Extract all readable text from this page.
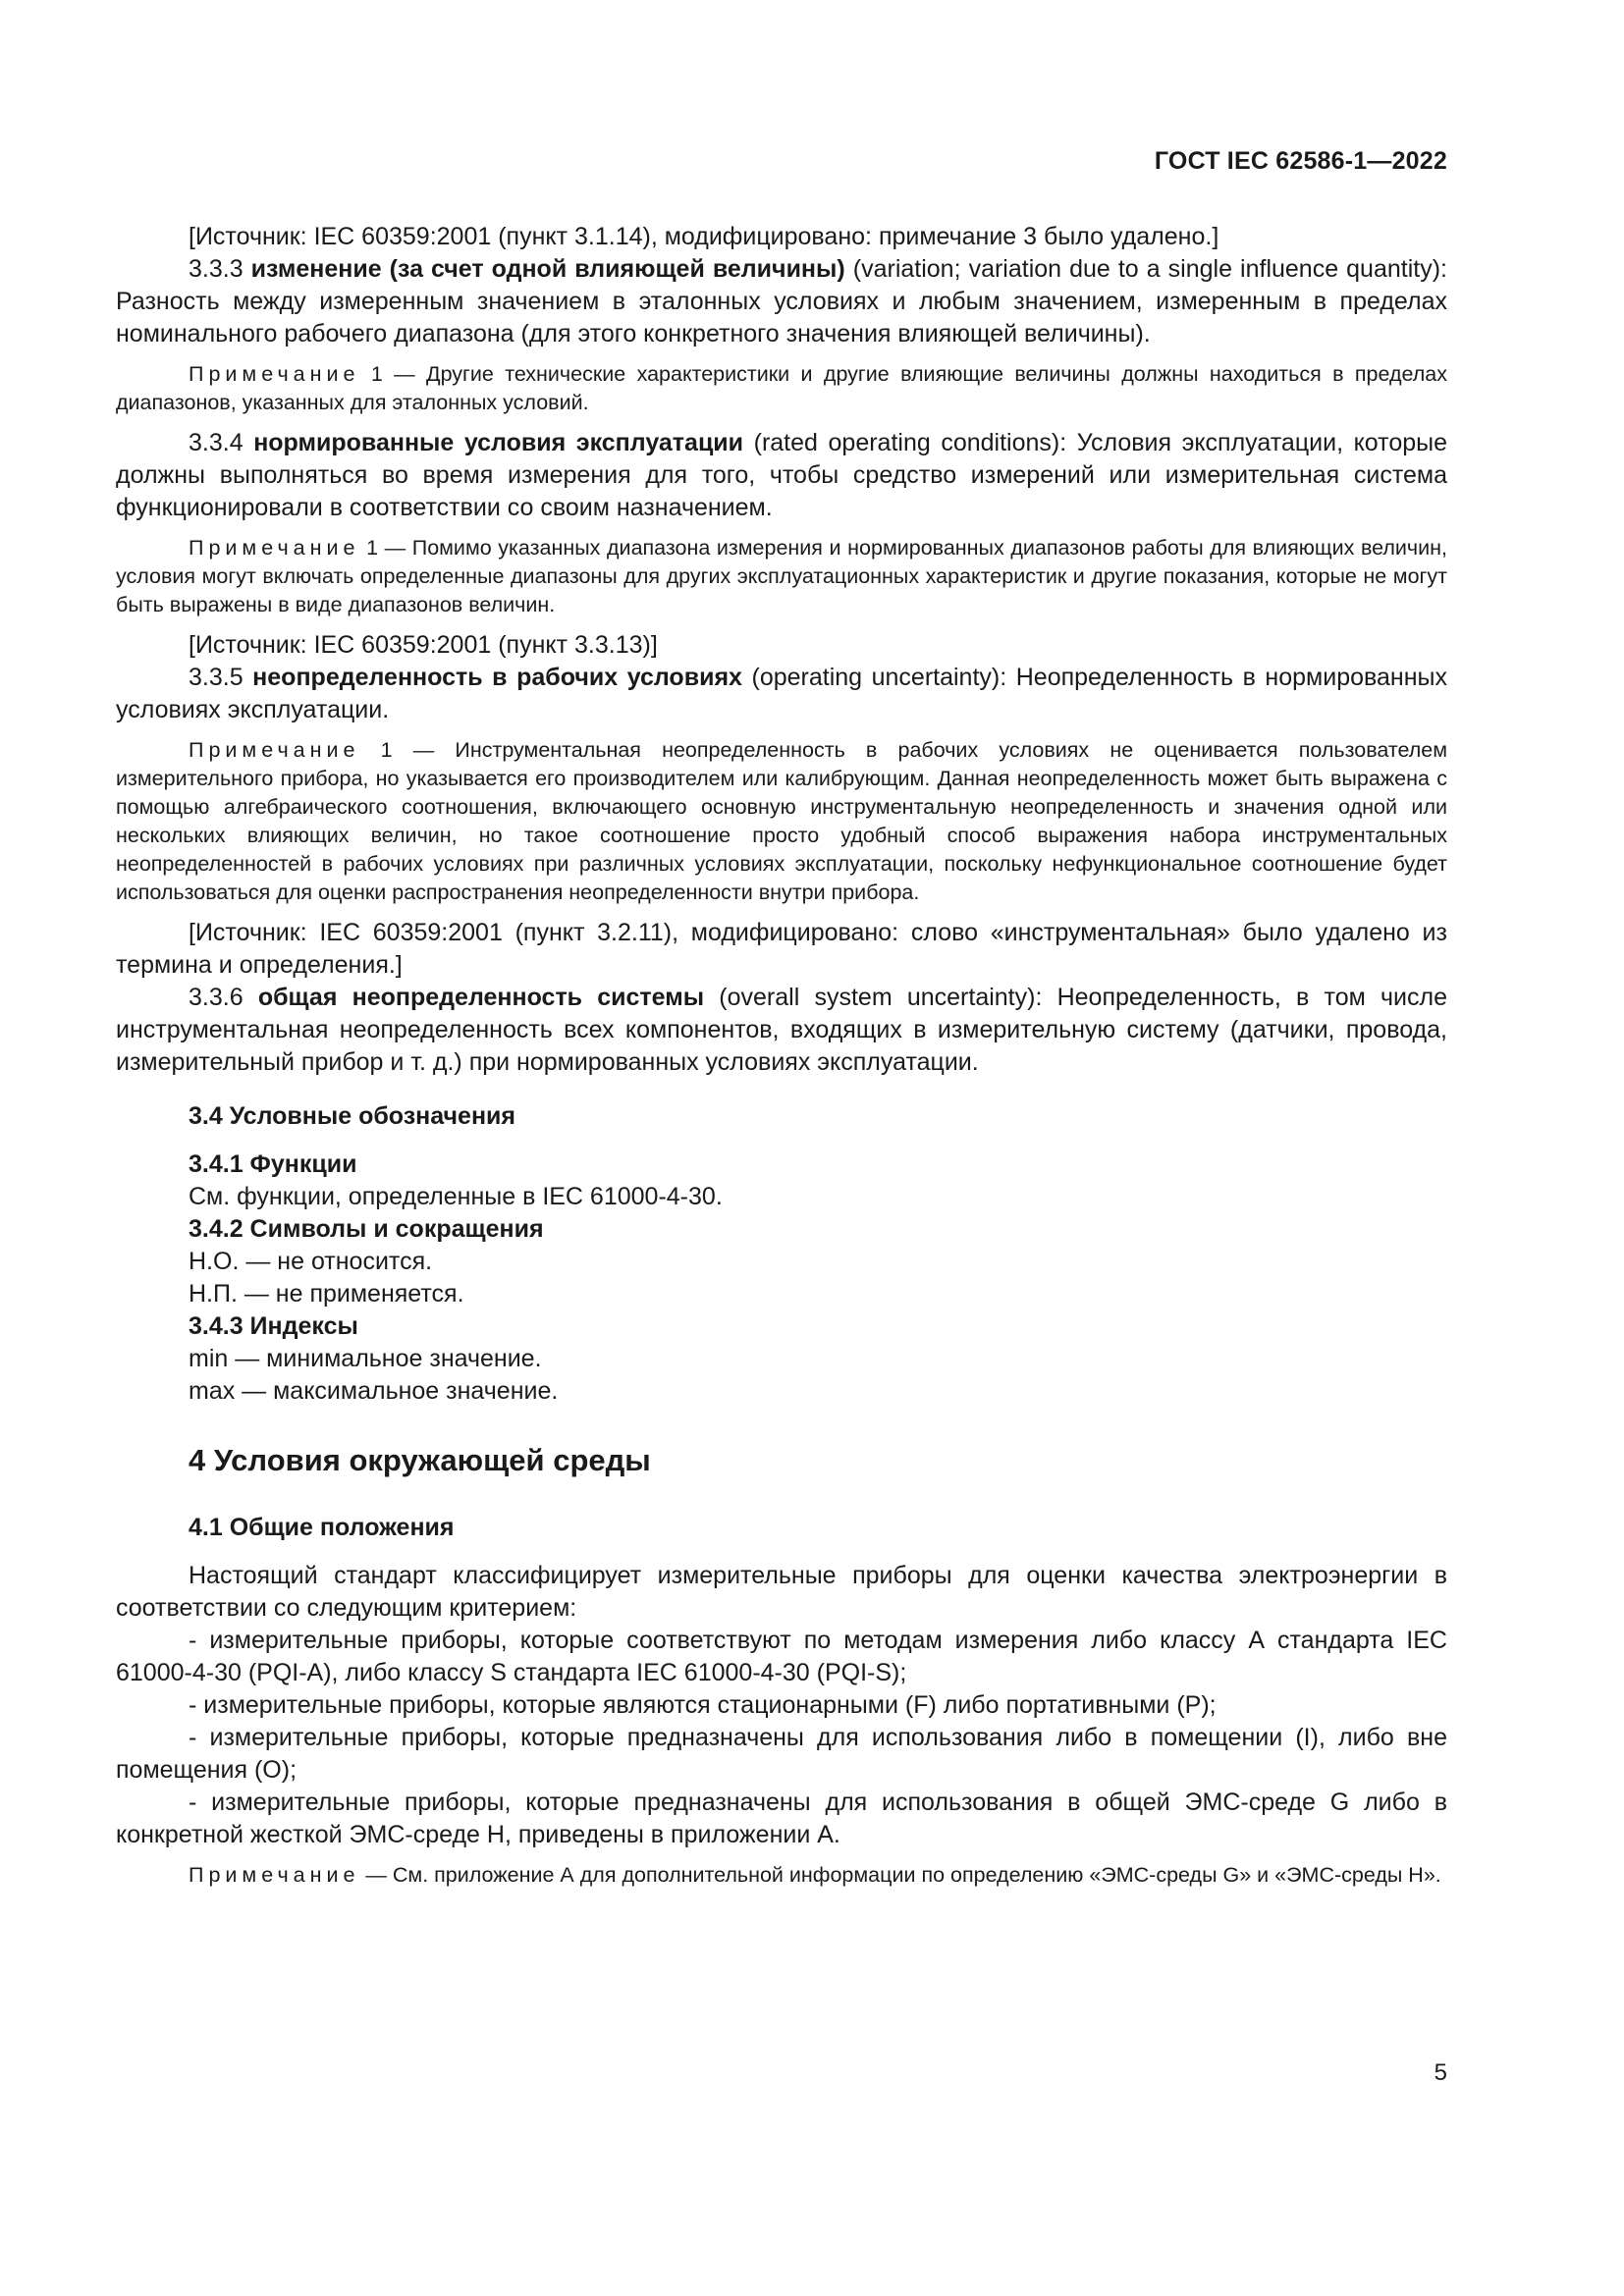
ГОСТ IEC 62586-1—2022

[Источник: IEC 60359:2001 (пункт 3.1.14), модифицировано: примечание 3 было удалено.]

3.3.3 изменение (за счет одной влияющей величины) (variation; variation due to a single influence quantity): Разность между измеренным значением в эталонных условиях и любым значением, измеренным в пределах номинального рабочего диапазона (для этого конкретного значения влияющей величины).

Примечание 1 — Другие технические характеристики и другие влияющие величины должны находиться в пределах диапазонов, указанных для эталонных условий.

3.3.4 нормированные условия эксплуатации (rated operating conditions): Условия эксплуатации, которые должны выполняться во время измерения для того, чтобы средство измерений или измерительная система функционировали в соответствии со своим назначением.

Примечание 1 — Помимо указанных диапазона измерения и нормированных диапазонов работы для влияющих величин, условия могут включать определенные диапазоны для других эксплуатационных характеристик и другие показания, которые не могут быть выражены в виде диапазонов величин.

[Источник: IEC 60359:2001 (пункт 3.3.13)]

3.3.5 неопределенность в рабочих условиях (operating uncertainty): Неопределенность в нормированных условиях эксплуатации.

Примечание 1 — Инструментальная неопределенность в рабочих условиях не оценивается пользователем измерительного прибора, но указывается его производителем или калибрующим. Данная неопределенность может быть выражена с помощью алгебраического соотношения, включающего основную инструментальную неопределенность и значения одной или нескольких влияющих величин, но такое соотношение просто удобный способ выражения набора инструментальных неопределенностей в рабочих условиях при различных условиях эксплуатации, поскольку нефункциональное соотношение будет использоваться для оценки распространения неопределенности внутри прибора.

[Источник: IEC 60359:2001 (пункт 3.2.11), модифицировано: слово «инструментальная» было удалено из термина и определения.]

3.3.6 общая неопределенность системы (overall system uncertainty): Неопределенность, в том числе инструментальная неопределенность всех компонентов, входящих в измерительную систему (датчики, провода, измерительный прибор и т. д.) при нормированных условиях эксплуатации.

3.4 Условные обозначения

3.4.1 Функции

См. функции, определенные в IEC 61000-4-30.

3.4.2 Символы и сокращения

Н.О. — не относится.

Н.П. — не применяется.

3.4.3 Индексы

min — минимальное значение.

max — максимальное значение.

4 Условия окружающей среды

4.1 Общие положения

Настоящий стандарт классифицирует измерительные приборы для оценки качества электроэнергии в соответствии со следующим критерием:

- измерительные приборы, которые соответствуют по методам измерения либо классу А стандарта IEC 61000-4-30 (PQI-A), либо классу S стандарта IEC 61000-4-30 (PQI-S);

- измерительные приборы, которые являются стационарными (F) либо портативными (P);

- измерительные приборы, которые предназначены для использования либо в помещении (I), либо вне помещения (O);

- измерительные приборы, которые предназначены для использования в общей ЭМС-среде G либо в конкретной жесткой ЭМС-среде H, приведены в приложении А.

Примечание — См. приложение А для дополнительной информации по определению «ЭМС-среды G» и «ЭМС-среды H».

5
